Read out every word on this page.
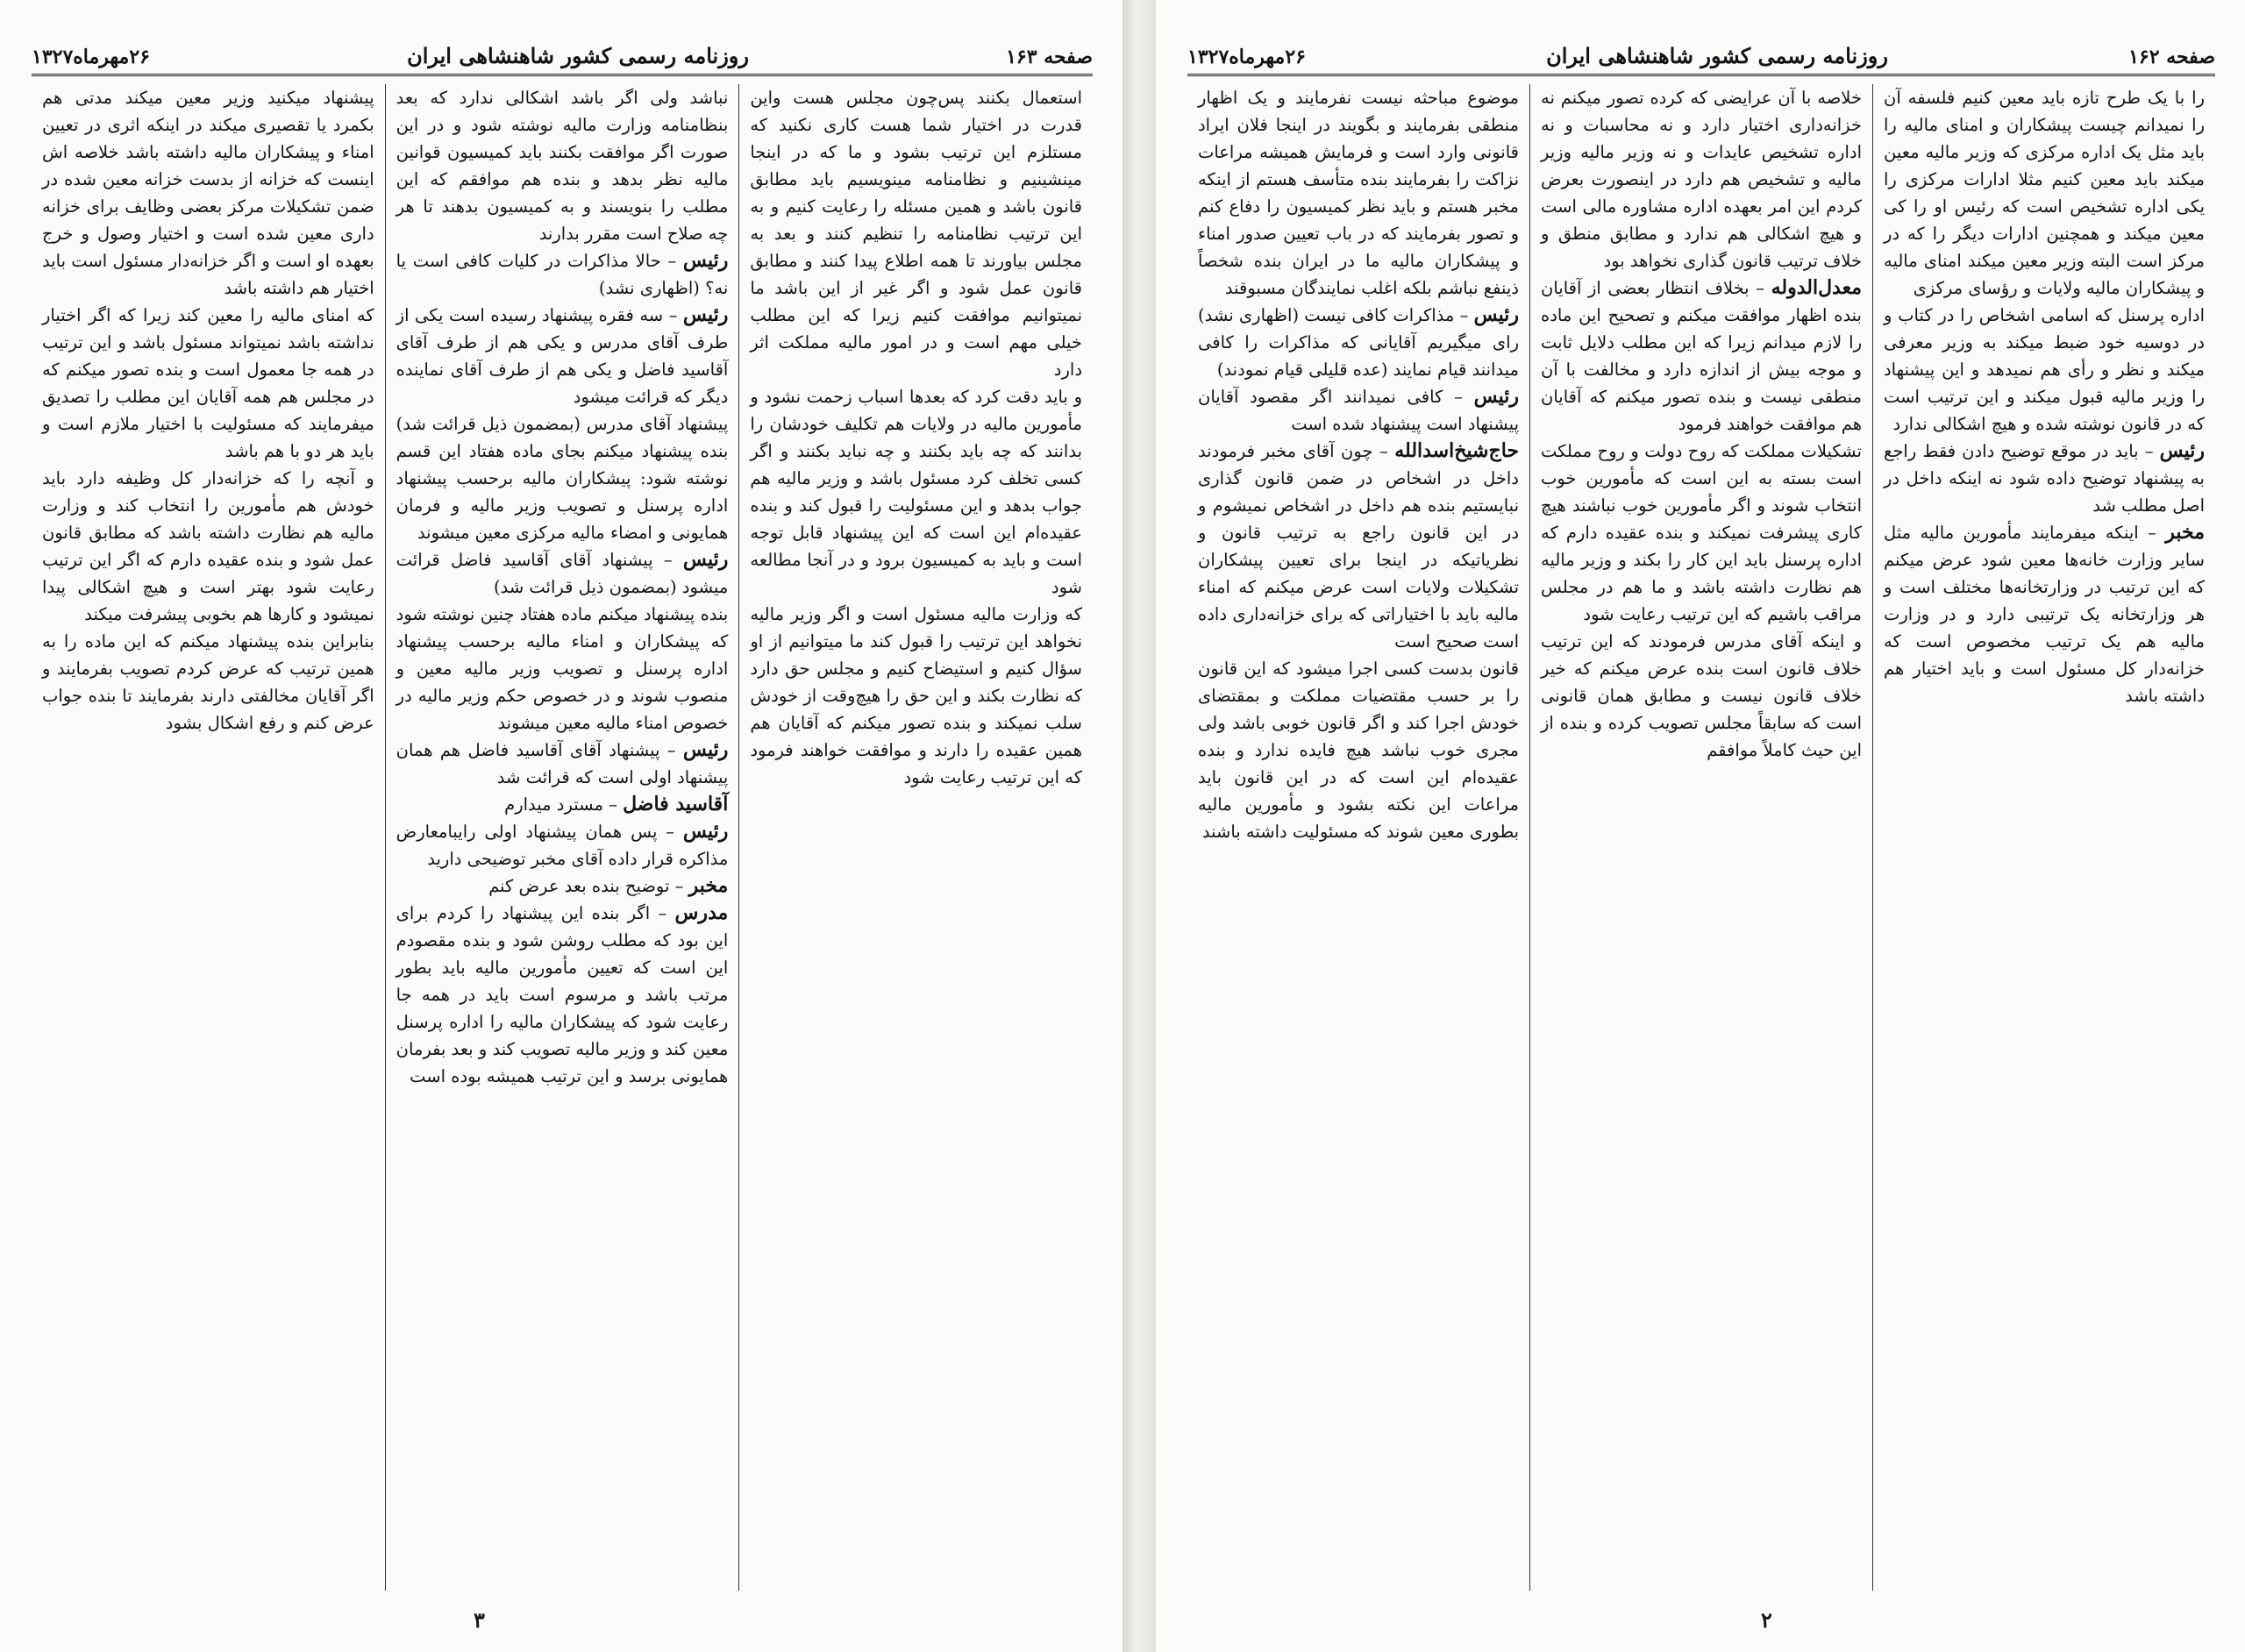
صفحه ۱۶۳
روزنامه رسمی کشور شاهنشاهی ایران
۲۶مهرماه۱۳۲۷

استعمال بکنند پس‌چون مجلس هست واین قدرت در اختیار شما هست کاری نکنید که مستلزم این ترتیب بشود و ما که در اینجا مینشینیم و نظامنامه مینویسیم باید مطابق قانون باشد و همین مسئله را رعایت کنیم و به این ترتیب نظامنامه را تنظیم کنند و بعد به مجلس بیاورند تا همه اطلاع پیدا کنند و مطابق قانون عمل شود و اگر غیر از این باشد ما نمیتوانیم موافقت کنیم زیرا که این مطلب خیلی مهم است و در امور مالیه مملکت اثر دارد

و باید دقت کرد که بعدها اسباب زحمت نشود و مأمورین مالیه در ولایات هم تکلیف خودشان را بدانند که چه باید بکنند و چه نباید بکنند و اگر کسی تخلف کرد مسئول باشد و وزیر مالیه هم جواب بدهد و این مسئولیت را قبول کند و بنده عقیده‌ام این است که این پیشنهاد قابل توجه است و باید به کمیسیون برود و در آنجا مطالعه شود

که وزارت مالیه مسئول است و اگر وزیر مالیه نخواهد این ترتیب را قبول کند ما میتوانیم از او سؤال کنیم و استیضاح کنیم و مجلس حق دارد که نظارت بکند و این حق را هیچ‌وقت از خودش سلب نمیکند و بنده تصور میکنم که آقایان هم همین عقیده را دارند و موافقت خواهند فرمود که این ترتیب رعایت شود

نباشد ولی اگر باشد اشکالی ندارد که بعد بنظامنامه وزارت مالیه نوشته شود و در این صورت اگر موافقت بکنند باید کمیسیون قوانین مالیه نظر بدهد و بنده هم موافقم که این مطلب را بنویسند و به کمیسیون بدهند تا هر چه صلاح است مقرر بدارند

رئیس – حالا مذاکرات در کلیات کافی است یا نه؟ (اظهاری نشد)

رئیس – سه فقره پیشنهاد رسیده است یکی از طرف آقای مدرس و یکی هم از طرف آقای آقاسید فاضل و یکی هم از طرف آقای نماینده دیگر که قرائت میشود

پیشنهاد آقای مدرس (بمضمون ذیل قرائت شد) بنده پیشنهاد میکنم بجای ماده هفتاد این قسم نوشته شود: پیشکاران مالیه برحسب پیشنهاد اداره پرسنل و تصویب وزیر مالیه و فرمان همایونی و امضاء مالیه مرکزی معین میشوند

رئیس – پیشنهاد آقای آقاسید فاضل قرائت میشود (بمضمون ذیل قرائت شد)

بنده پیشنهاد میکنم ماده هفتاد چنین نوشته شود که پیشکاران و امناء مالیه برحسب پیشنهاد اداره پرسنل و تصویب وزیر مالیه معین و منصوب شوند و در خصوص حکم وزیر مالیه در خصوص امناء مالیه معین میشوند

رئیس – پیشنهاد آقای آقاسید فاضل هم همان پیشنهاد اولی است که قرائت شد

آقاسید فاضل – مسترد میدارم

رئیس – پس همان پیشنهاد اولی رایبامعارض مذاکره قرار داده آقای مخبر توضیحی دارید

مخبر – توضیح بنده بعد عرض کنم

مدرس – اگر بنده این پیشنهاد را کردم برای این بود که مطلب روشن شود و بنده مقصودم این است که تعیین مأمورین مالیه باید بطور مرتب باشد و مرسوم است باید در همه جا رعایت شود که پیشکاران مالیه را اداره پرسنل معین کند و وزیر مالیه تصویب کند و بعد بفرمان همایونی برسد و این ترتیب همیشه بوده است

پیشنهاد میکنید وزیر معین میکند مدتی هم بکمرد یا تقصیری میکند در اینکه اثری در تعیین امناء و پیشکاران مالیه داشته باشد خلاصه اش اینست که خزانه از بدست خزانه معین شده در ضمن تشکیلات مرکز بعضی وظایف برای خزانه داری معین شده است و اختیار وصول و خرج بعهده او است و اگر خزانه‌دار مسئول است باید اختیار هم داشته باشد

که امنای مالیه را معین کند زیرا که اگر اختیار نداشته باشد نمیتواند مسئول باشد و این ترتیب در همه جا معمول است و بنده تصور میکنم که در مجلس هم همه آقایان این مطلب را تصدیق میفرمایند که مسئولیت با اختیار ملازم است و باید هر دو با هم باشد

و آنچه را که خزانه‌دار کل وظیفه دارد باید خودش هم مأمورین را انتخاب کند و وزارت مالیه هم نظارت داشته باشد که مطابق قانون عمل شود و بنده عقیده دارم که اگر این ترتیب رعایت شود بهتر است و هیچ اشکالی پیدا نمیشود و کارها هم بخوبی پیشرفت میکند

بنابراین بنده پیشنهاد میکنم که این ماده را به همین ترتیب که عرض کردم تصویب بفرمایند و اگر آقایان مخالفتی دارند بفرمایند تا بنده جواب عرض کنم و رفع اشکال بشود

۳
صفحه ۱۶۲
روزنامه رسمی کشور شاهنشاهی ایران
۲۶مهرماه۱۳۲۷

را با یک طرح تازه باید معین کنیم فلسفه آن را نمیدانم چیست پیشکاران و امنای مالیه را باید مثل یک اداره مرکزی که وزیر مالیه معین میکند باید معین کنیم مثلا ادارات مرکزی را یکی اداره تشخیص است که رئیس او را کی معین میکند و همچنین ادارات دیگر را که در مرکز است البته وزیر معین میکند امنای مالیه و پیشکاران مالیه ولایات و رؤسای مرکزی

اداره پرسنل که اسامی اشخاص را در کتاب و در دوسیه خود ضبط میکند به وزیر معرفی میکند و نظر و رأی هم نمیدهد و این پیشنهاد را وزیر مالیه قبول میکند و این ترتیب است که در قانون نوشته شده و هیچ اشکالی ندارد

رئیس – باید در موقع توضیح دادن فقط راجع به پیشنهاد توضیح داده شود نه اینکه داخل در اصل مطلب شد

مخبر – اینکه میفرمایند مأمورین مالیه مثل سایر وزارت خانه‌ها معین شود عرض میکنم که این ترتیب در وزارتخانه‌ها مختلف است و هر وزارتخانه یک ترتیبی دارد و در وزارت مالیه هم یک ترتیب مخصوص است که خزانه‌دار کل مسئول است و باید اختیار هم داشته باشد

خلاصه با آن عرایضی که کرده تصور میکنم نه خزانه‌داری اختیار دارد و نه محاسبات و نه اداره تشخیص عایدات و نه وزیر مالیه وزیر مالیه و تشخیص هم دارد در اینصورت بعرض کردم این امر بعهده اداره مشاوره مالی است و هیچ اشکالی هم ندارد و مطابق منطق و خلاف ترتیب قانون گذاری نخواهد بود

معدل‌الدوله – بخلاف انتظار بعضی از آقایان بنده اظهار موافقت میکنم و تصحیح این ماده را لازم میدانم زیرا که این مطلب دلایل ثابت و موجه بیش از اندازه دارد و مخالفت با آن منطقی نیست و بنده تصور میکنم که آقایان هم موافقت خواهند فرمود

تشکیلات مملکت که روح دولت و روح مملکت است بسته به این است که مأمورین خوب انتخاب شوند و اگر مأمورین خوب نباشند هیچ کاری پیشرفت نمیکند و بنده عقیده دارم که اداره پرسنل باید این کار را بکند و وزیر مالیه هم نظارت داشته باشد و ما هم در مجلس مراقب باشیم که این ترتیب رعایت شود

و اینکه آقای مدرس فرمودند که این ترتیب خلاف قانون است بنده عرض میکنم که خیر خلاف قانون نیست و مطابق همان قانونی است که سابقاً مجلس تصویب کرده و بنده از این حیث کاملاً موافقم

موضوع مباحثه نیست نفرمایند و یک اظهار منطقی بفرمایند و بگویند در اینجا فلان ایراد قانونی وارد است و فرمایش همیشه مراعات نزاکت را بفرمایند بنده متأسف هستم از اینکه مخبر هستم و باید نظر کمیسیون را دفاع کنم و تصور بفرمایند که در باب تعیین صدور امناء و پیشکاران مالیه ما در ایران بنده شخصاً ذینفع نباشم بلکه اغلب نمایندگان مسبوقند

رئیس – مذاکرات کافی نیست (اظهاری نشد) رای میگیریم آقایانی که مذاکرات را کافی میدانند قیام نمایند (عده قلیلی قیام نمودند)

رئیس – کافی نمیدانند اگر مقصود آقایان پیشنهاد است پیشنهاد شده است

حاج‌شیخ‌اسدالله – چون آقای مخبر فرمودند داخل در اشخاص در ضمن قانون گذاری نبایستیم بنده هم داخل در اشخاص نمیشوم و در این قانون راجع به ترتیب قانون و نظریاتیکه در اینجا برای تعیین پیشکاران تشکیلات ولایات است عرض میکنم که امناء مالیه باید با اختیاراتی که برای خزانه‌داری داده است صحیح است

قانون بدست کسی اجرا میشود که این قانون را بر حسب مقتضیات مملکت و بمقتضای خودش اجرا کند و اگر قانون خوبی باشد ولی مجری خوب نباشد هیچ فایده ندارد و بنده عقیده‌ام این است که در این قانون باید مراعات این نکته بشود و مأمورین مالیه بطوری معین شوند که مسئولیت داشته باشند

۲
